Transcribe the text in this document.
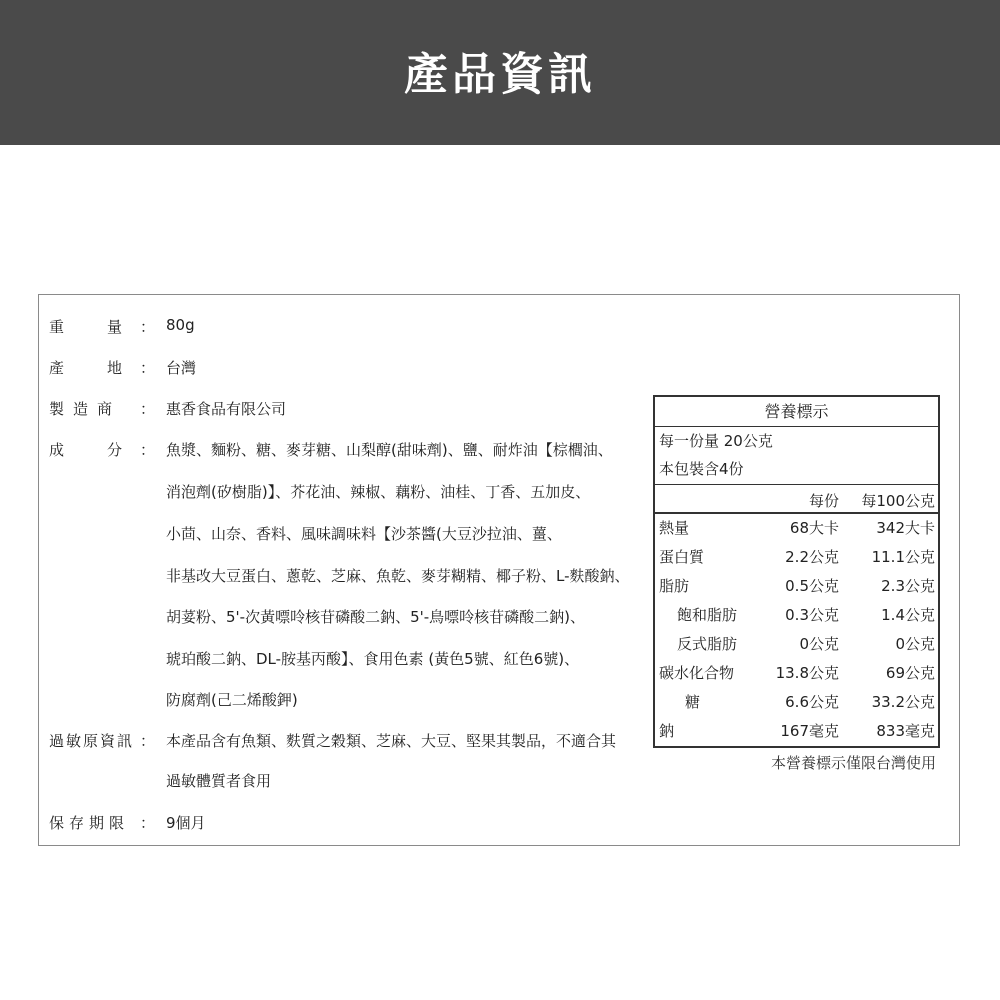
產品資訊
重　量 ： 80g
產　地 ： 台灣
製造商	： 惠香食品有限公司
成　分 ： 魚漿、麵粉、糖、麥芽糖、山梨醇(甜味劑)、鹽、耐炸油【棕櫚油、
消泡劑(矽樹脂)】、芥花油、辣椒、藕粉、油桂、丁香、五加皮、
小茴、山奈、香料、風味調味料【沙茶醬(大豆沙拉油、薑、
非基改大豆蛋白、蔥乾、芝麻、魚乾、麥芽糊精、椰子粉、L-麩酸鈉、
胡荽粉、5'-次黃嘌呤核苷磷酸二鈉、5'-鳥嘌呤核苷磷酸二鈉)、
琥珀酸二鈉、DL-胺基丙酸】、食用色素 (黃色5號、紅色6號)、
防腐劑(己二烯酸鉀)
過敏原資訊 ： 本產品含有魚類、麩質之穀類、芝麻、大豆、堅果其製品，不適合其
過敏體質者食用
保存期限 ： 9個月
營養標示
每一份量 20公克
本包裝含4份
每份 每100公克
熱量	68大卡 342大卡
蛋白質	2.2公克 11.1公克
脂肪	0.5公克	2.3公克
飽和脂肪	0.3公克	1.4公克
反式脂肪	0公克	0公克
碳水化合物	13.8公克	69公克
糖	6.6公克 33.2公克
鈉	167毫克 833毫克
本營養標示僅限台灣使用
